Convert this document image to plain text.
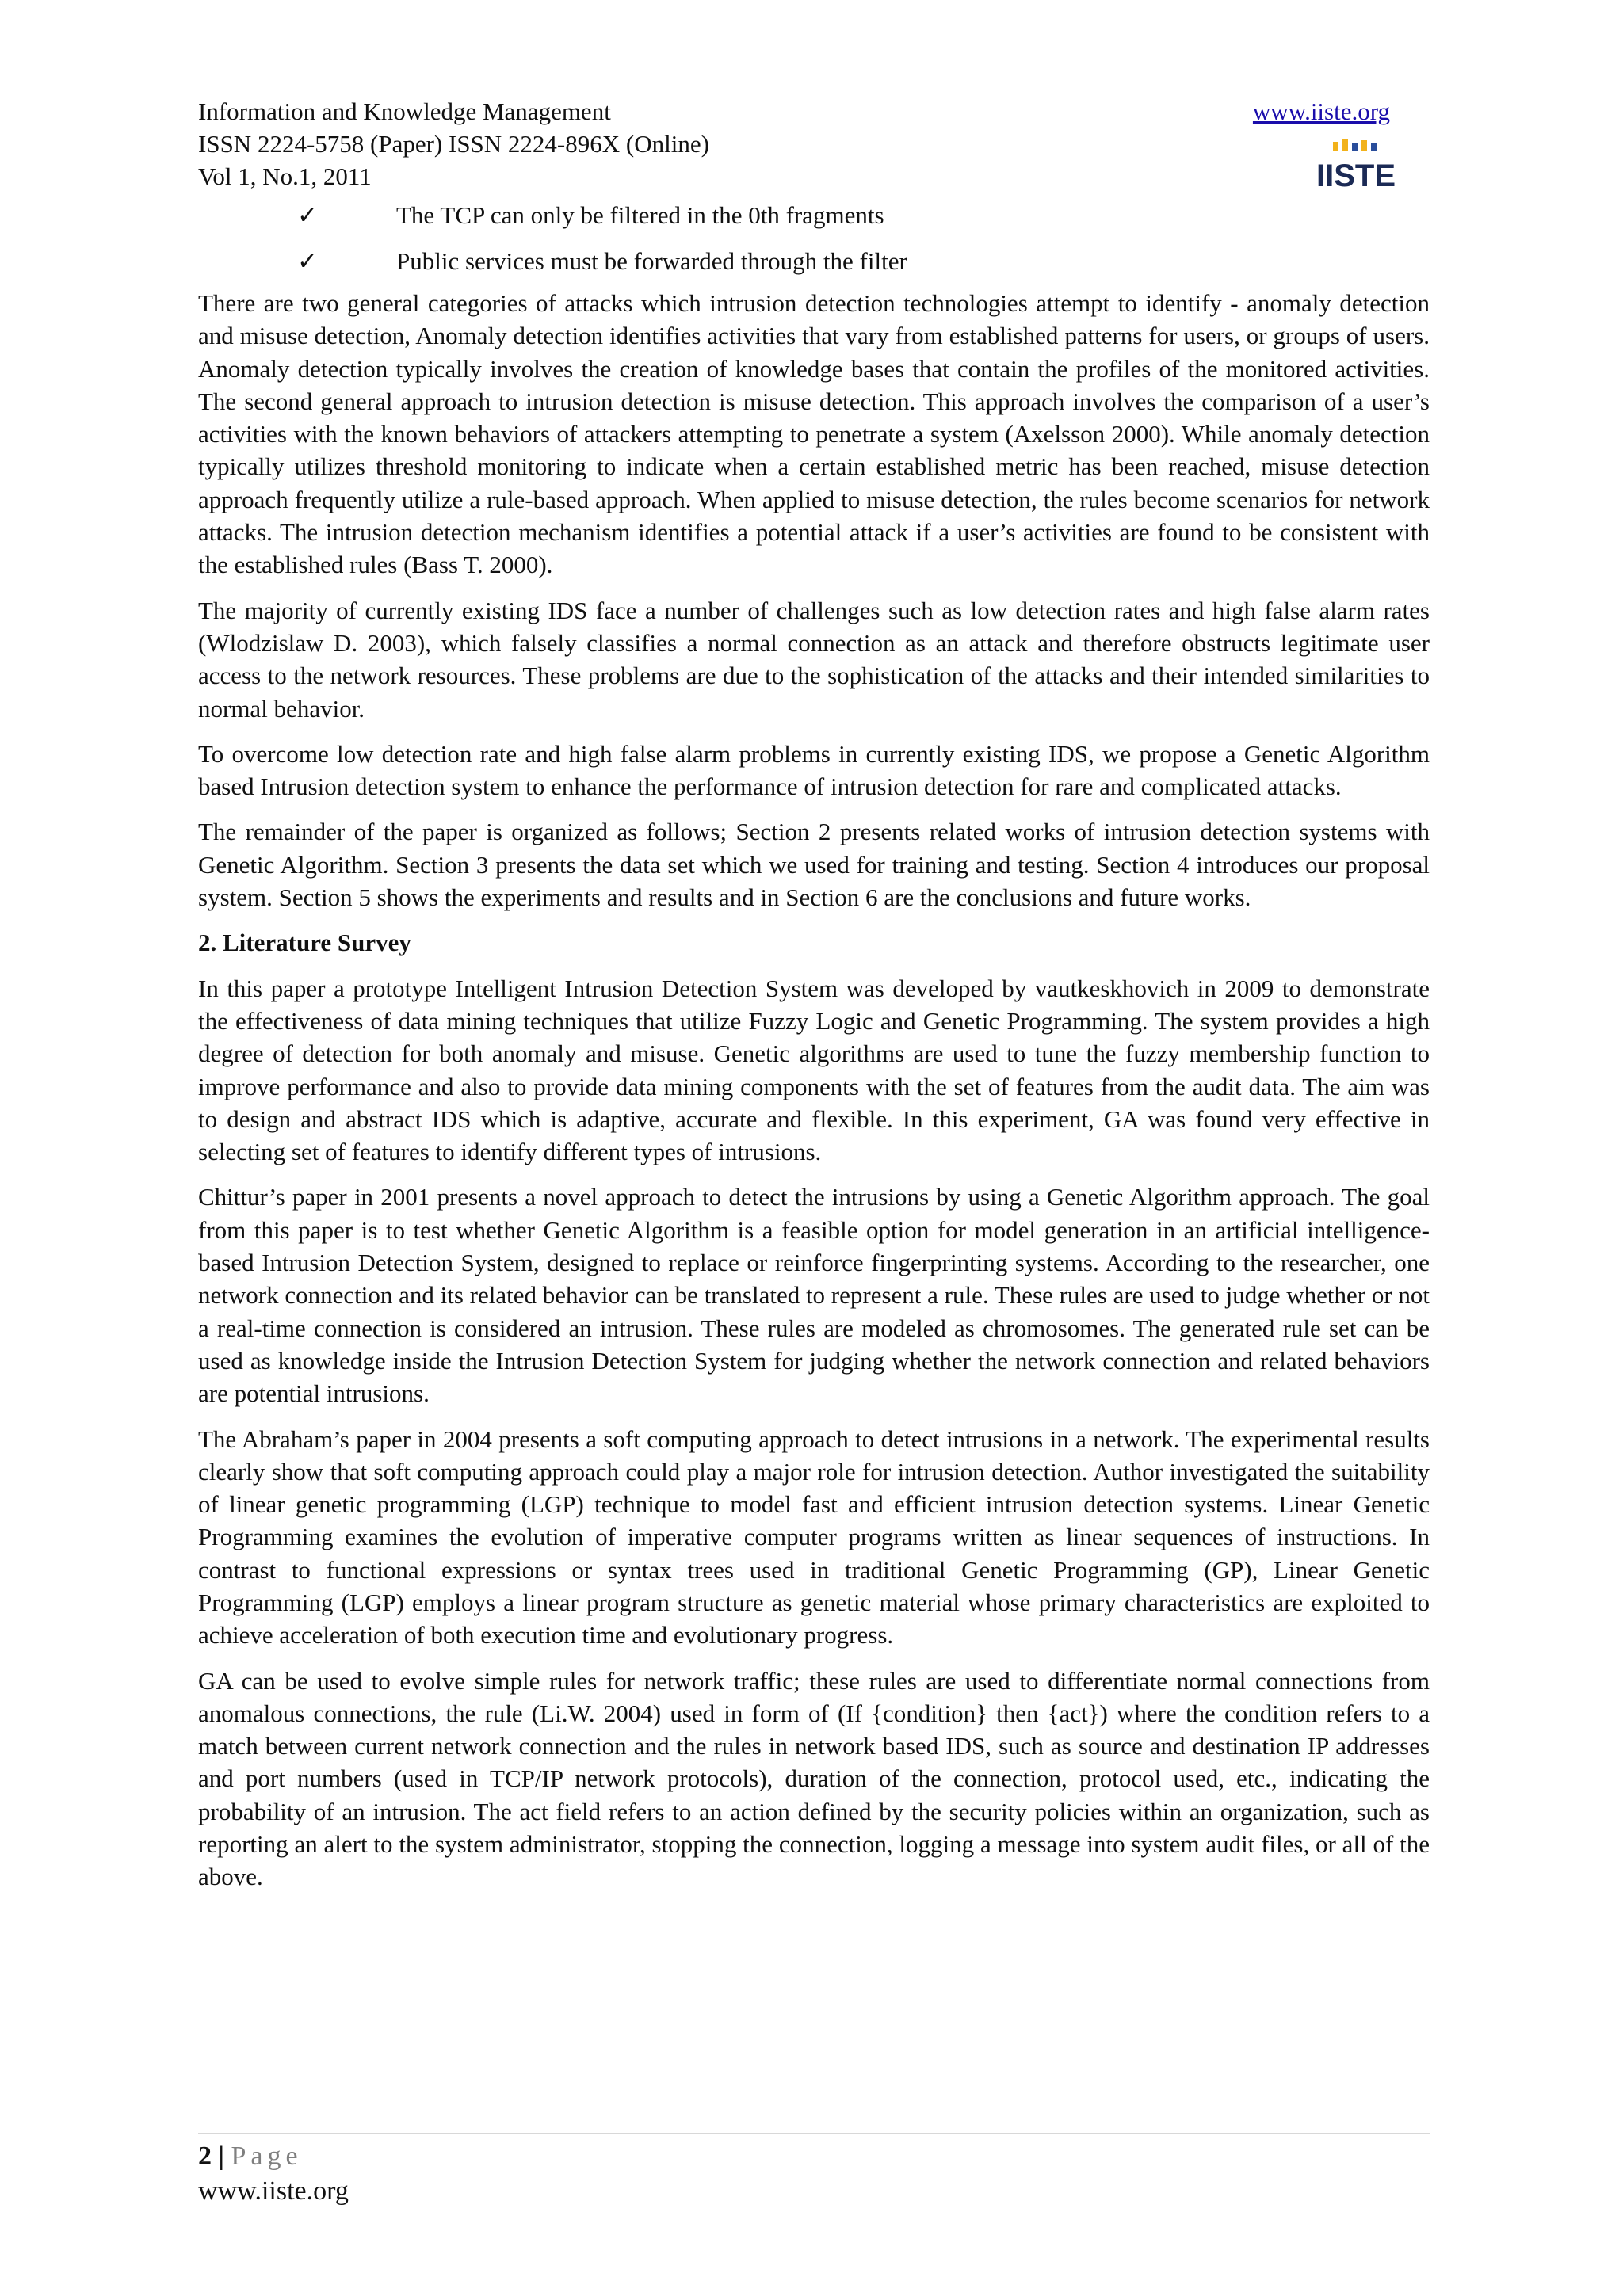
Information and Knowledge Management
ISSN 2224-5758 (Paper) ISSN 2224-896X (Online)
Vol 1, No.1, 2011
www.iiste.org
IISTE
✓	The TCP can only be filtered in the 0th fragments
✓	Public services must be forwarded through the filter

There are two general categories of attacks which intrusion detection technologies attempt to identify - anomaly detection and misuse detection, Anomaly detection identifies activities that vary from established patterns for users, or groups of users. Anomaly detection typically involves the creation of knowledge bases that contain the profiles of the monitored activities. The second general approach to intrusion detection is misuse detection. This approach involves the comparison of a user’s activities with the known behaviors of attackers attempting to penetrate a system (Axelsson 2000). While anomaly detection typically utilizes threshold monitoring to indicate when a certain established metric has been reached, misuse detection approach frequently utilize a rule-based approach. When applied to misuse detection, the rules become scenarios for network attacks. The intrusion detection mechanism identifies a potential attack if a user’s activities are found to be consistent with the established rules (Bass T. 2000).

The majority of currently existing IDS face a number of challenges such as low detection rates and high false alarm rates (Wlodzislaw D. 2003), which falsely classifies a normal connection as an attack and therefore obstructs legitimate user access to the network resources. These problems are due to the sophistication of the attacks and their intended similarities to normal behavior.

To overcome low detection rate and high false alarm problems in currently existing IDS, we propose a Genetic Algorithm based Intrusion detection system to enhance the performance of intrusion detection for rare and complicated attacks.

The remainder of the paper is organized as follows; Section 2 presents related works of intrusion detection systems with Genetic Algorithm. Section 3 presents the data set which we used for training and testing. Section 4 introduces our proposal system. Section 5 shows the experiments and results and in Section 6 are the conclusions and future works.

2. Literature Survey

In this paper a prototype Intelligent Intrusion Detection System was developed by vautkeskhovich in 2009 to demonstrate the effectiveness of data mining techniques that utilize Fuzzy Logic and Genetic Programming. The system provides a high degree of detection for both anomaly and misuse. Genetic algorithms are used to tune the fuzzy membership function to improve performance and also to provide data mining components with the set of features from the audit data. The aim was to design and abstract IDS which is adaptive, accurate and flexible. In this experiment, GA was found very effective in selecting set of features to identify different types of intrusions.

Chittur’s paper in 2001 presents a novel approach to detect the intrusions by using a Genetic Algorithm approach. The goal from this paper is to test whether Genetic Algorithm is a feasible option for model generation in an artificial intelligence- based Intrusion Detection System, designed to replace or reinforce fingerprinting systems. According to the researcher, one network connection and its related behavior can be translated to represent a rule. These rules are used to judge whether or not a real-time connection is considered an intrusion. These rules are modeled as chromosomes. The generated rule set can be used as knowledge inside the Intrusion Detection System for judging whether the network connection and related behaviors are potential intrusions.

The Abraham’s paper in 2004 presents a soft computing approach to detect intrusions in a network. The experimental results clearly show that soft computing approach could play a major role for intrusion detection. Author investigated the suitability of linear genetic programming (LGP) technique to model fast and efficient intrusion detection systems. Linear Genetic Programming examines the evolution of imperative computer programs written as linear sequences of instructions. In contrast to functional expressions or syntax trees used in traditional Genetic Programming (GP), Linear Genetic Programming (LGP) employs a linear program structure as genetic material whose primary characteristics are exploited to achieve acceleration of both execution time and evolutionary progress.

GA can be used to evolve simple rules for network traffic; these rules are used to differentiate normal connections from anomalous connections, the rule (Li.W. 2004) used in form of (If {condition} then {act}) where the condition refers to a match between current network connection and the rules in network based IDS, such as source and destination IP addresses and port numbers (used in TCP/IP network protocols), duration of the connection, protocol used, etc., indicating the probability of an intrusion. The act field refers to an action defined by the security policies within an organization, such as reporting an alert to the system administrator, stopping the connection, logging a message into system audit files, or all of the above.

2 | Page
www.iiste.org
